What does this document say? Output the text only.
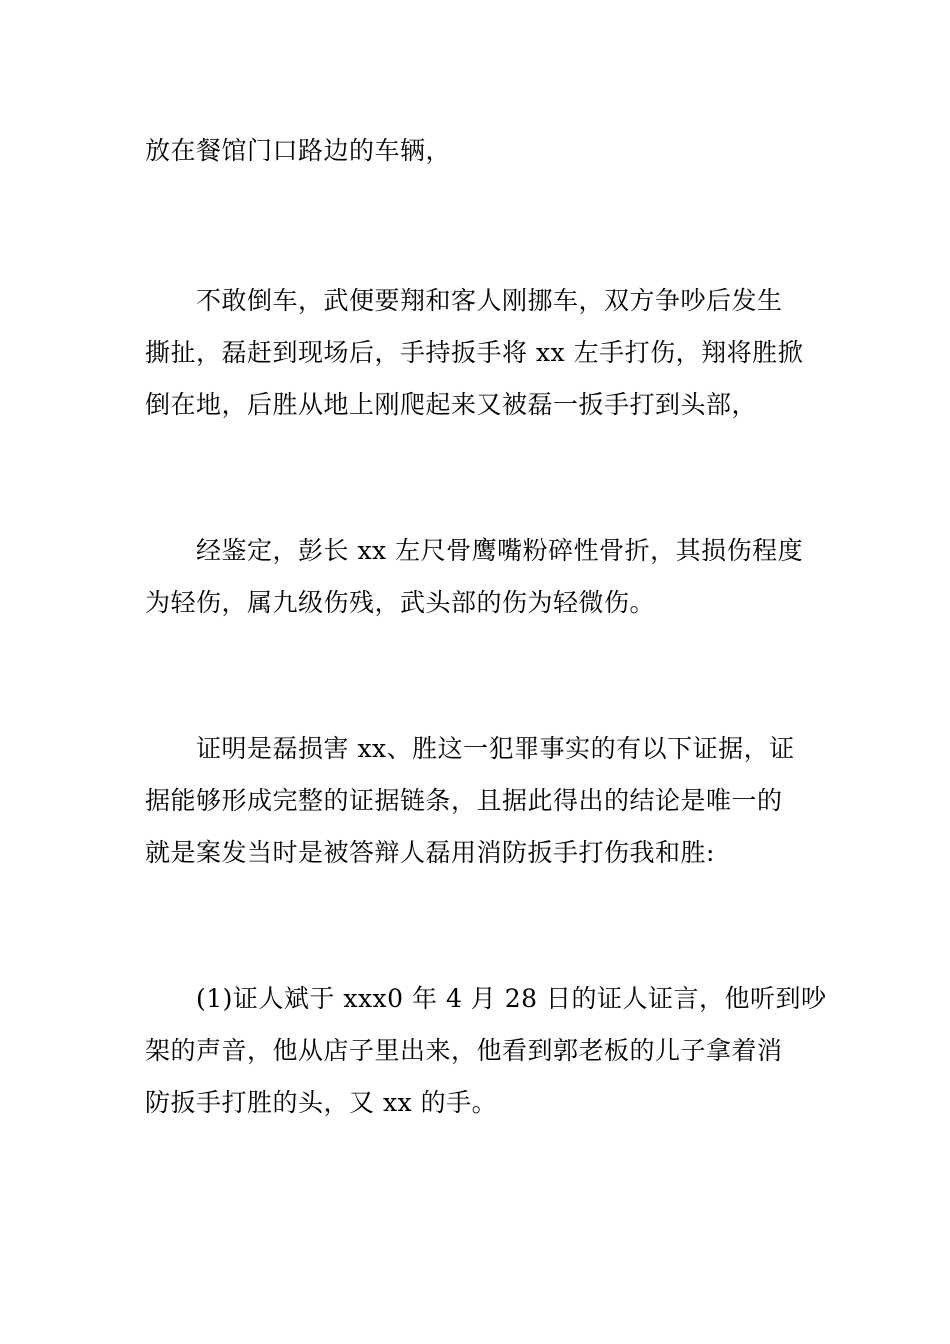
放在餐馆门口路边的车辆，
不敢倒车，武便要翔和客人刚挪车，双方争吵后发生
撕扯，磊赶到现场后，手持扳手将 xx 左手打伤，翔将胜掀
倒在地，后胜从地上刚爬起来又被磊一扳手打到头部，
经鉴定，彭长 xx 左尺骨鹰嘴粉碎性骨折，其损伤程度
为轻伤，属九级伤残，武头部的伤为轻微伤。
证明是磊损害 xx、胜这一犯罪事实的有以下证据，证
据能够形成完整的证据链条，且据此得出的结论是唯一的
就是案发当时是被答辩人磊用消防扳手打伤我和胜:
(1)证人斌于 xxx0 年 4 月 28 日的证人证言，他听到吵
架的声音，他从店子里出来，他看到郭老板的儿子拿着消
防扳手打胜的头，又 xx 的手。
